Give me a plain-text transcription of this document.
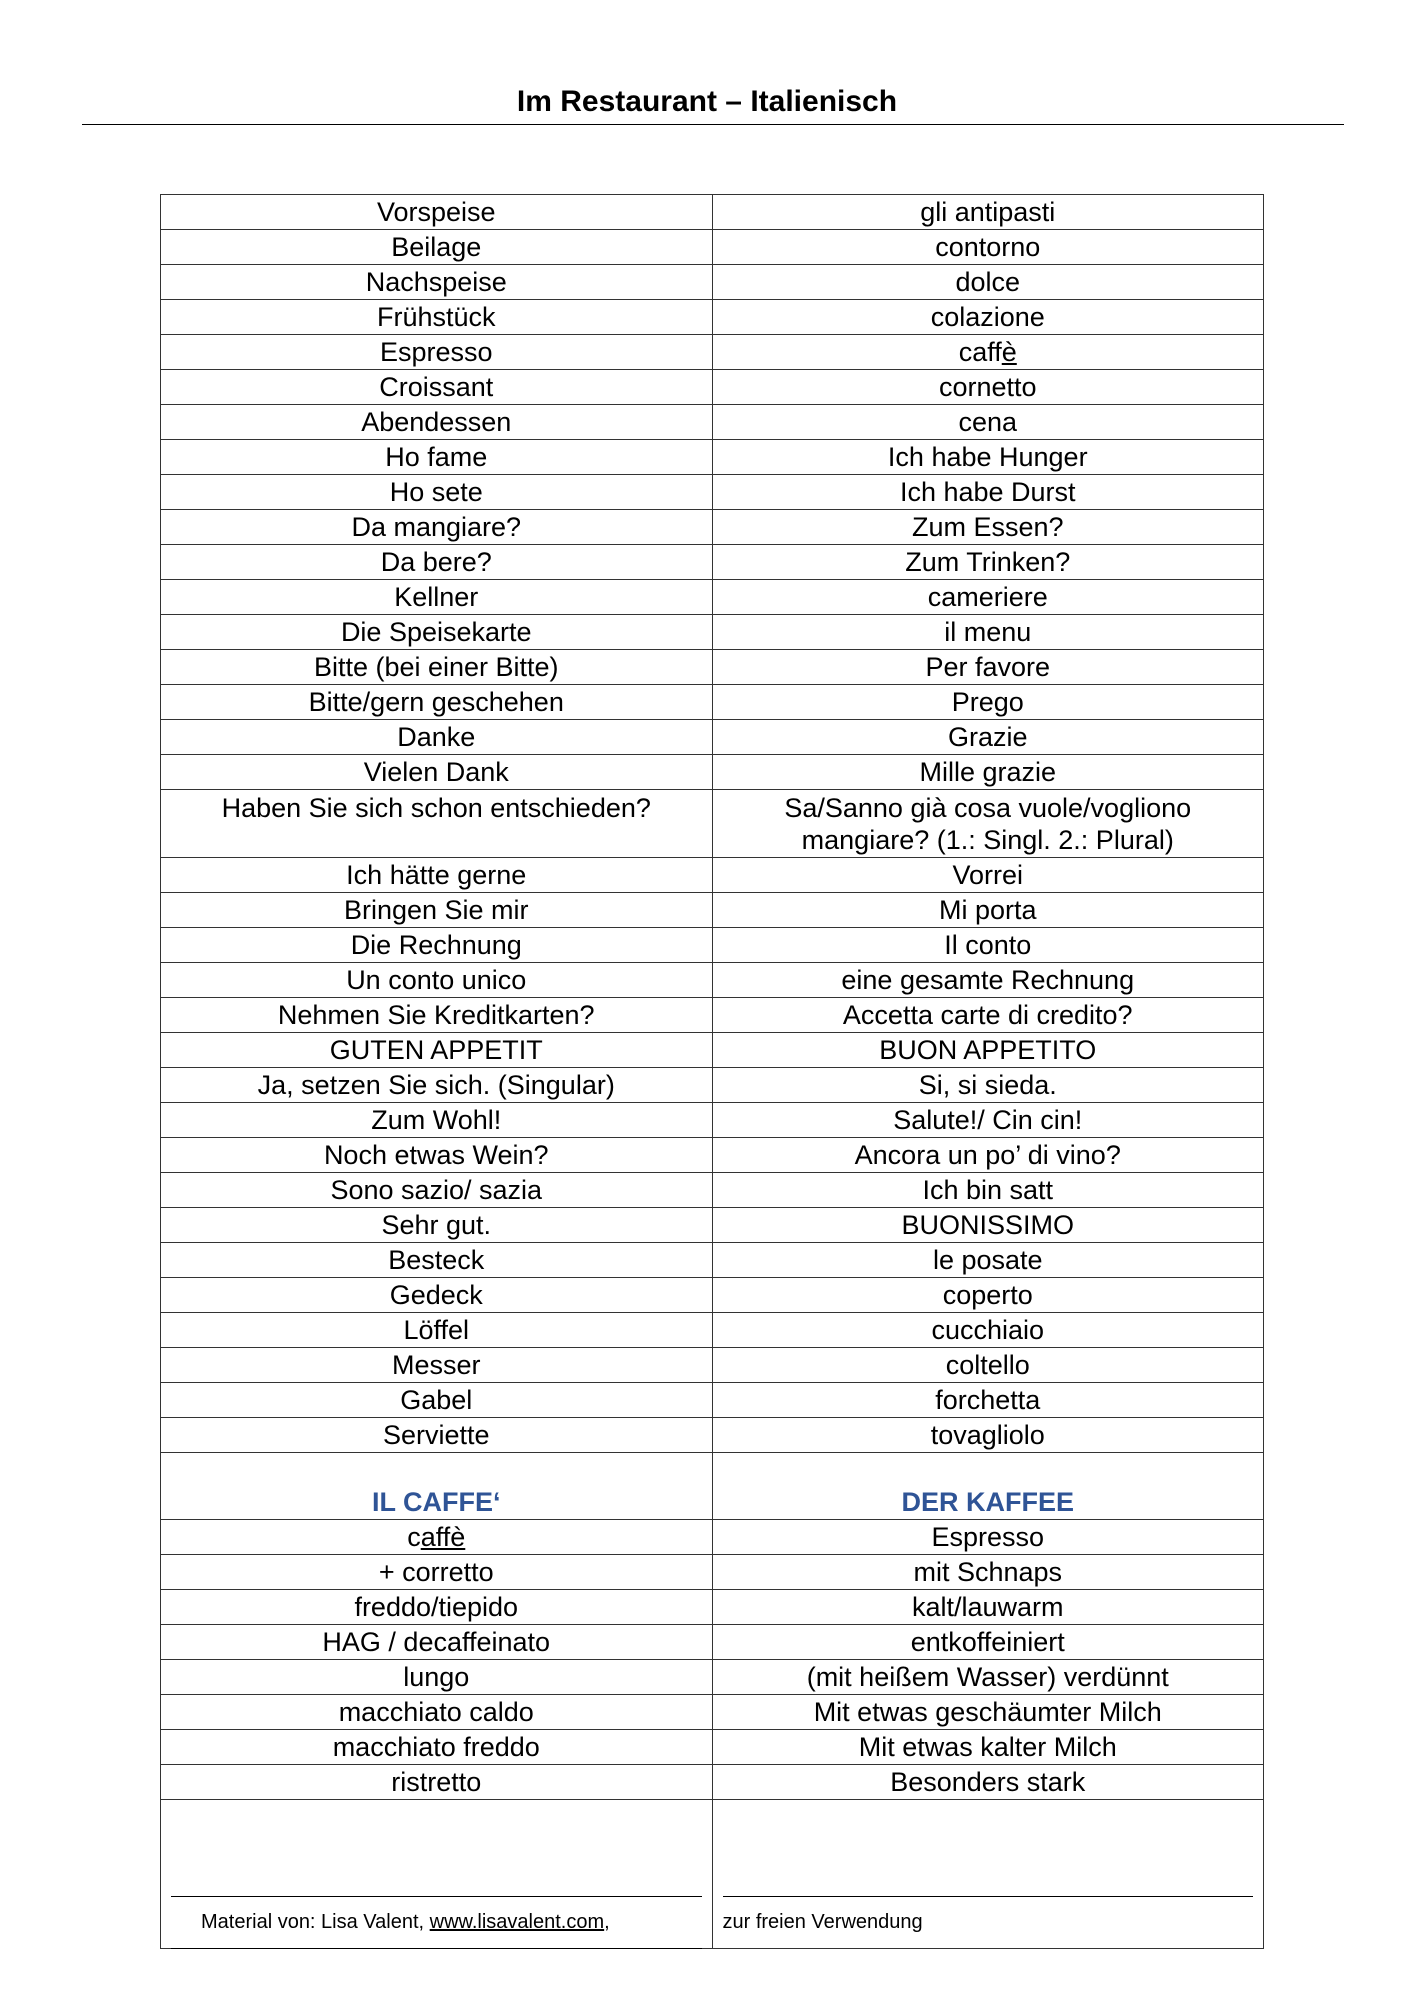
Im Restaurant – Italienisch
Vorspeise	gli antipasti
Beilage	contorno
Nachspeise	dolce
Frühstück	colazione
Espresso	caffè
Croissant	cornetto
Abendessen	cena
Ho fame	Ich habe Hunger
Ho sete	Ich habe Durst
Da mangiare?	Zum Essen?
Da bere?	Zum Trinken?
Kellner	cameriere
Die Speisekarte	il menu
Bitte (bei einer Bitte)	Per favore
Bitte/gern geschehen	Prego
Danke	Grazie
Vielen Dank	Mille grazie
Haben Sie sich schon entschieden?	Sa/Sanno già cosa vuole/vogliono
mangiare? (1.: Singl. 2.: Plural)

Ich hätte gerne	Vorrei
Bringen Sie mir	Mi porta
Die Rechnung	Il conto
Un conto unico	eine gesamte Rechnung
Nehmen Sie Kreditkarten?	Accetta carte di credito?
GUTEN APPETIT	BUON APPETITO
Ja, setzen Sie sich. (Singular)	Si, si sieda.
Zum Wohl!	Salute!/ Cin cin!
Noch etwas Wein?	Ancora un po’ di vino?
Sono sazio/ sazia	Ich bin satt
Sehr gut.	BUONISSIMO
Besteck	le posate
Gedeck	coperto
Löffel	cucchiaio
Messer	coltello
Gabel	forchetta
Serviette	tovagliolo
IL CAFFE‘	DER KAFFEE
caffè	Espresso
+ corretto	mit Schnaps
freddo/tiepido	kalt/lauwarm
HAG / decaffeinato	entkoffeiniert
lungo	(mit heißem Wasser) verdünnt
macchiato caldo	Mit etwas geschäumter Milch
macchiato freddo	Mit etwas kalter Milch
ristretto	Besonders stark

Material von: Lisa Valent, www.lisavalent.com,	zur freien Verwendung
